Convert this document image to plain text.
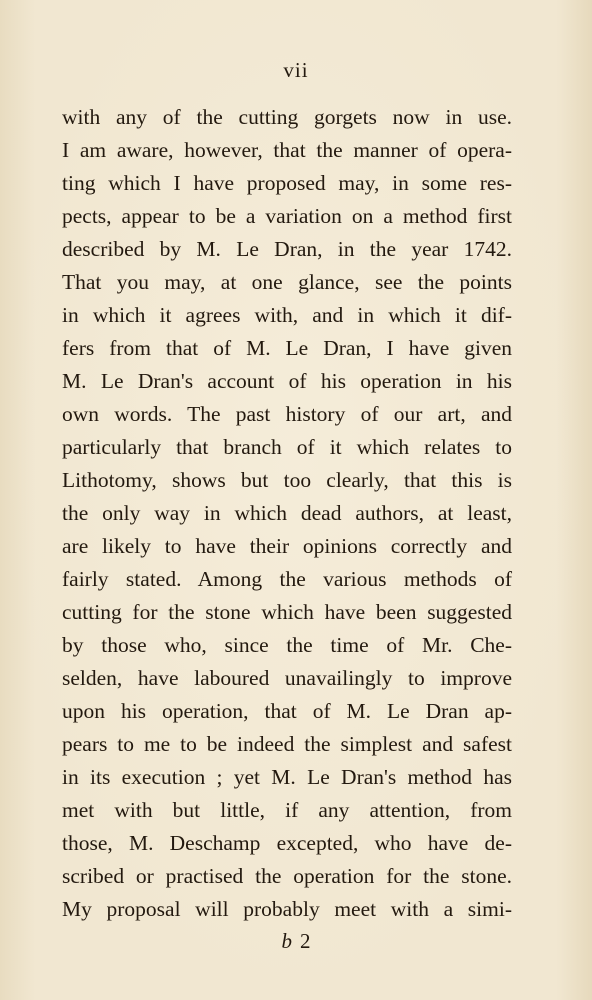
vii
with any of the cutting gorgets now in use.
I am aware, however, that the manner of opera-
ting which I have proposed may, in some res-
pects, appear to be a variation on a method first
described by M. Le Dran, in the year 1742.
That you may, at one glance, see the points
in which it agrees with, and in which it dif-
fers from that of M. Le Dran, I have given
M. Le Dran's account of his operation in his
own words. The past history of our art, and
particularly that branch of it which relates to
Lithotomy, shows but too clearly, that this is
the only way in which dead authors, at least,
are likely to have their opinions correctly and
fairly stated. Among the various methods of
cutting for the stone which have been suggested
by those who, since the time of Mr. Che-
selden, have laboured unavailingly to improve
upon his operation, that of M. Le Dran ap-
pears to me to be indeed the simplest and safest
in its execution ; yet M. Le Dran's method has
met with but little, if any attention, from
those, M. Deschamp excepted, who have de-
scribed or practised the operation for the stone.
My proposal will probably meet with a simi-
b 2
